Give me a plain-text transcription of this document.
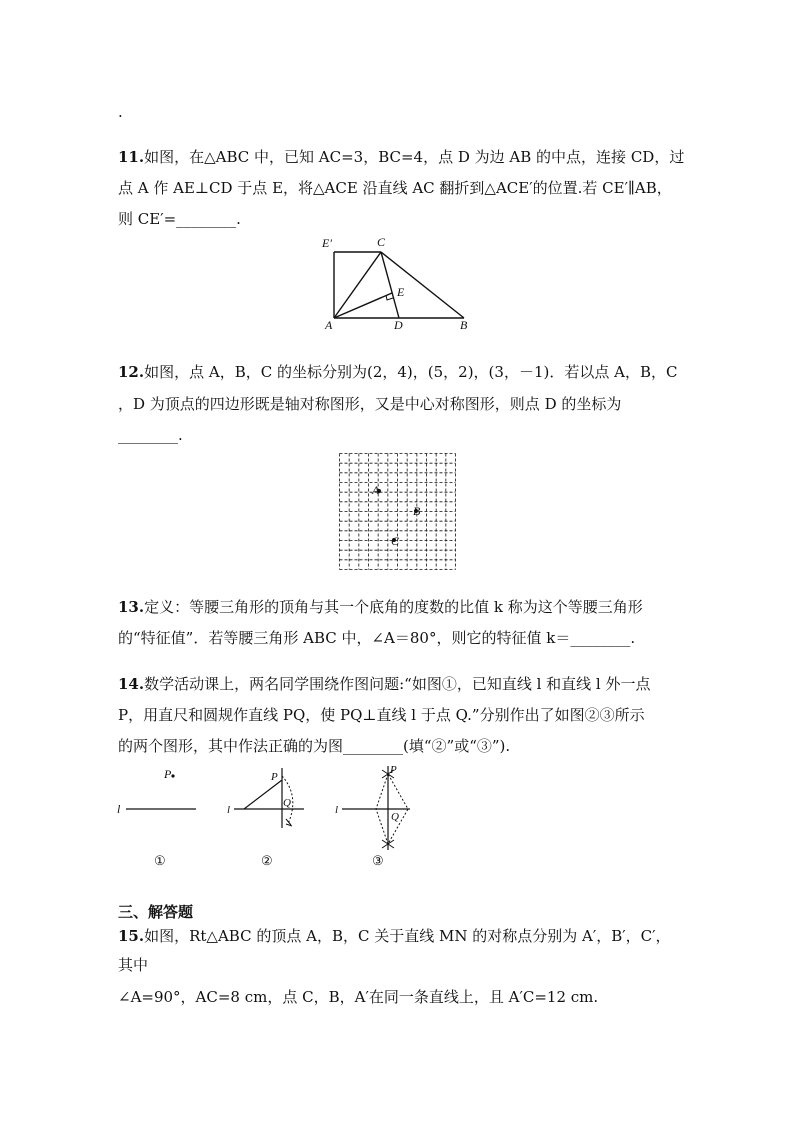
.
11.如图，在△ABC 中，已知 AC=3，BC=4，点 D 为边 AB 的中点，连接 CD，过
点 A 作 AE⊥CD 于点 E，将△ACE 沿直线 AC 翻折到△ACE′的位置.若 CE′∥AB，
则 CE′=________.
E′	C
E
A	D	B
12.如图，点 A，B，C 的坐标分别为(2，4)，(5，2)，(3，－1)．若以点 A，B，C
，D 为顶点的四边形既是轴对称图形，又是中心对称图形，则点 D 的坐标为
________.
A
B
C
13.定义：等腰三角形的顶角与其一个底角的度数的比值 k 称为这个等腰三角形
的“特征值”．若等腰三角形 ABC 中，∠A＝80°，则它的特征值 k＝________.
14.数学活动课上，两名同学围绕作图问题:“如图①，已知直线 l 和直线 l 外一点
P，用直尺和圆规作直线 PQ，使 PQ⊥直线 l 于点 Q.”分别作出了如图②③所示
的两个图形，其中作法正确的为图________(填“②”或“③”).
P
l
①
P
l
Q
②
P
l
Q
③
三、解答题
15.如图，Rt△ABC 的顶点 A，B，C 关于直线 MN 的对称点分别为 A′，B′，C′，
其中
∠A=90°，AC=8 cm，点 C，B，A′在同一条直线上，且 A′C=12 cm.
